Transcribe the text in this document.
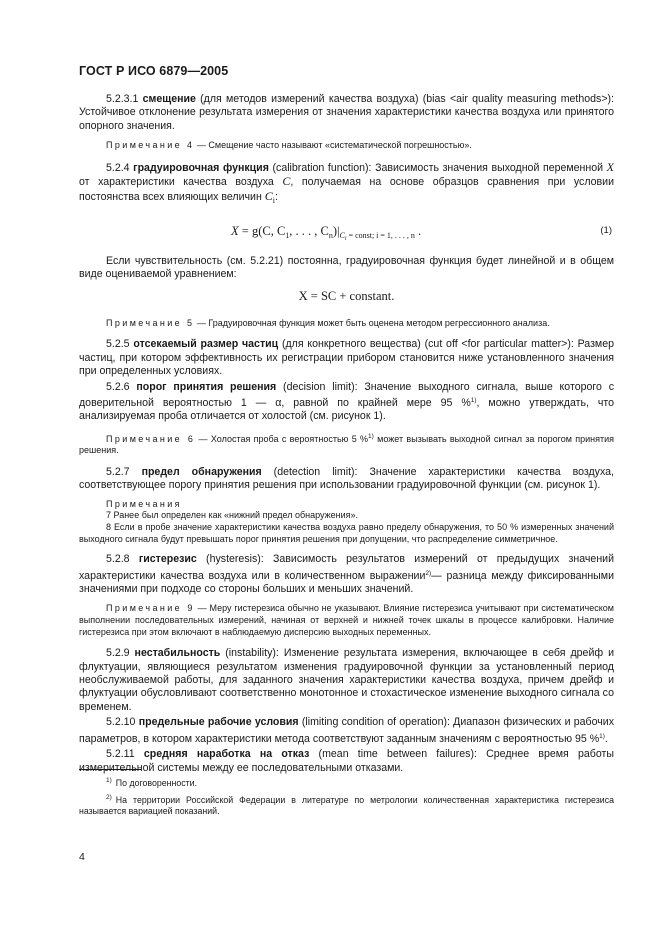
ГОСТ Р ИСО 6879—2005

5.2.3.1 смещение (для методов измерений качества воздуха) (bias <air quality measuring methods>): Устойчивое отклонение результата измерения от значения характеристики качества воздуха или принятого опорного значения.

Примечание 4 — Смещение часто называют «систематической погрешностью».

5.2.4 градуировочная функция (calibration function): Зависимость значения выходной переменной X от характеристики качества воздуха C, получаемая на основе образцов сравнения при условии постоянства всех влияющих величин $C_i$:

X = g(C, $C_1$, . . . , $C_n)|_{C_i = const; i = 1, . . . , n}$ .	(1)

Если чувствительность (см. 5.2.21) постоянна, градуировочная функция будет линейной и в общем виде оцениваемой уравнением:

X = SC + constant.

Примечание 5 — Градуировочная функция может быть оценена методом регрессионного анализа.

5.2.5 отсекаемый размер частиц (для конкретного вещества) (cut off <for particular matter>): Размер частиц, при котором эффективность их регистрации прибором становится ниже установленного значения при определенных условиях.

5.2.6 порог принятия решения (decision limit): Значение выходного сигнала, выше которого с доверительной вероятностью 1 — α, равной по крайней мере 95 %$^{1)}$, можно утверждать, что анализируемая проба отличается от холостой (см. рисунок 1).

Примечание 6 — Холостая проба с вероятностью 5 %$^{1)}$ может вызывать выходной сигнал за порогом принятия решения.

5.2.7 предел обнаружения (detection limit): Значение характеристики качества воздуха, соответствующее порогу принятия решения при использовании градуировочной функции (см. рисунок 1).

Примечания

7 Ранее был определен как «нижний предел обнаружения».

8 Если в пробе значение характеристики качества воздуха равно пределу обнаружения, то 50 % измеренных значений выходного сигнала будут превышать порог принятия решения при допущении, что распределение симметричное.

5.2.8 гистерезис (hysteresis): Зависимость результатов измерений от предыдущих значений характеристики качества воздуха или в количественном выражении$^{2)}$— разница между фиксированными значениями при подходе со стороны больших и меньших значений.

Примечание 9 — Меру гистерезиса обычно не указывают. Влияние гистерезиса учитывают при систематическом выполнении последовательных измерений, начиная от верхней и нижней точек шкалы в процессе калибровки. Наличие гистерезиса при этом включают в наблюдаемую дисперсию выходных переменных.

5.2.9 нестабильность (instability): Изменение результата измерения, включающее в себя дрейф и флуктуации, являющиеся результатом изменения градуировочной функции за установленный период необслуживаемой работы, для заданного значения характеристики качества воздуха, причем дрейф и флуктуации обусловливают соответственно монотонное и стохастическое изменение выходного сигнала со временем.

5.2.10 предельные рабочие условия (limiting condition of operation): Диапазон физических и рабочих параметров, в котором характеристики метода соответствуют заданным значениям с вероятностью 95 %$^{1)}$.

5.2.11 средняя наработка на отказ (mean time between failures): Среднее время работы измерительной системы между ее последовательными отказами.

$^{1)}$ По договоренности.

$^{2)}$ На территории Российской Федерации в литературе по метрологии количественная характеристика гистерезиса называется вариацией показаний.

4
